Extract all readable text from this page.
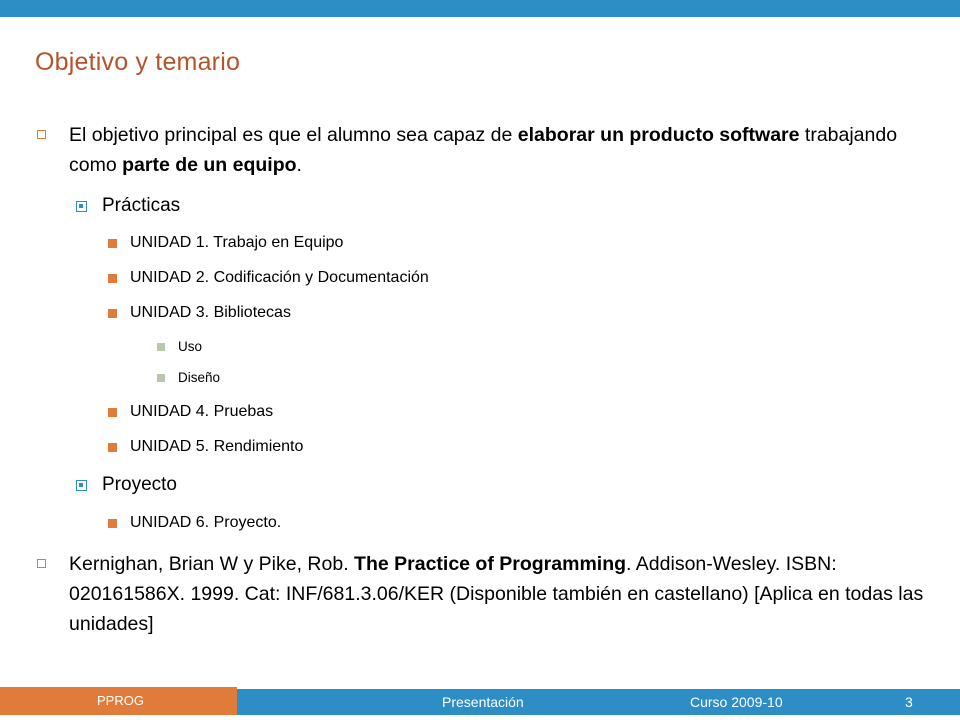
Objetivo y temario
El objetivo principal es que el alumno sea capaz de elaborar un producto software trabajando como parte de un equipo.
Prácticas
UNIDAD 1. Trabajo en Equipo
UNIDAD 2. Codificación y Documentación
UNIDAD 3. Bibliotecas
Uso
Diseño
UNIDAD 4. Pruebas
UNIDAD 5. Rendimiento
Proyecto
UNIDAD 6. Proyecto.
Kernighan, Brian W y Pike, Rob. The Practice of Programming. Addison-Wesley. ISBN: 020161586X. 1999. Cat: INF/681.3.06/KER (Disponible también en castellano) [Aplica en todas las unidades]
PPROG	Presentación	Curso 2009-10	3
